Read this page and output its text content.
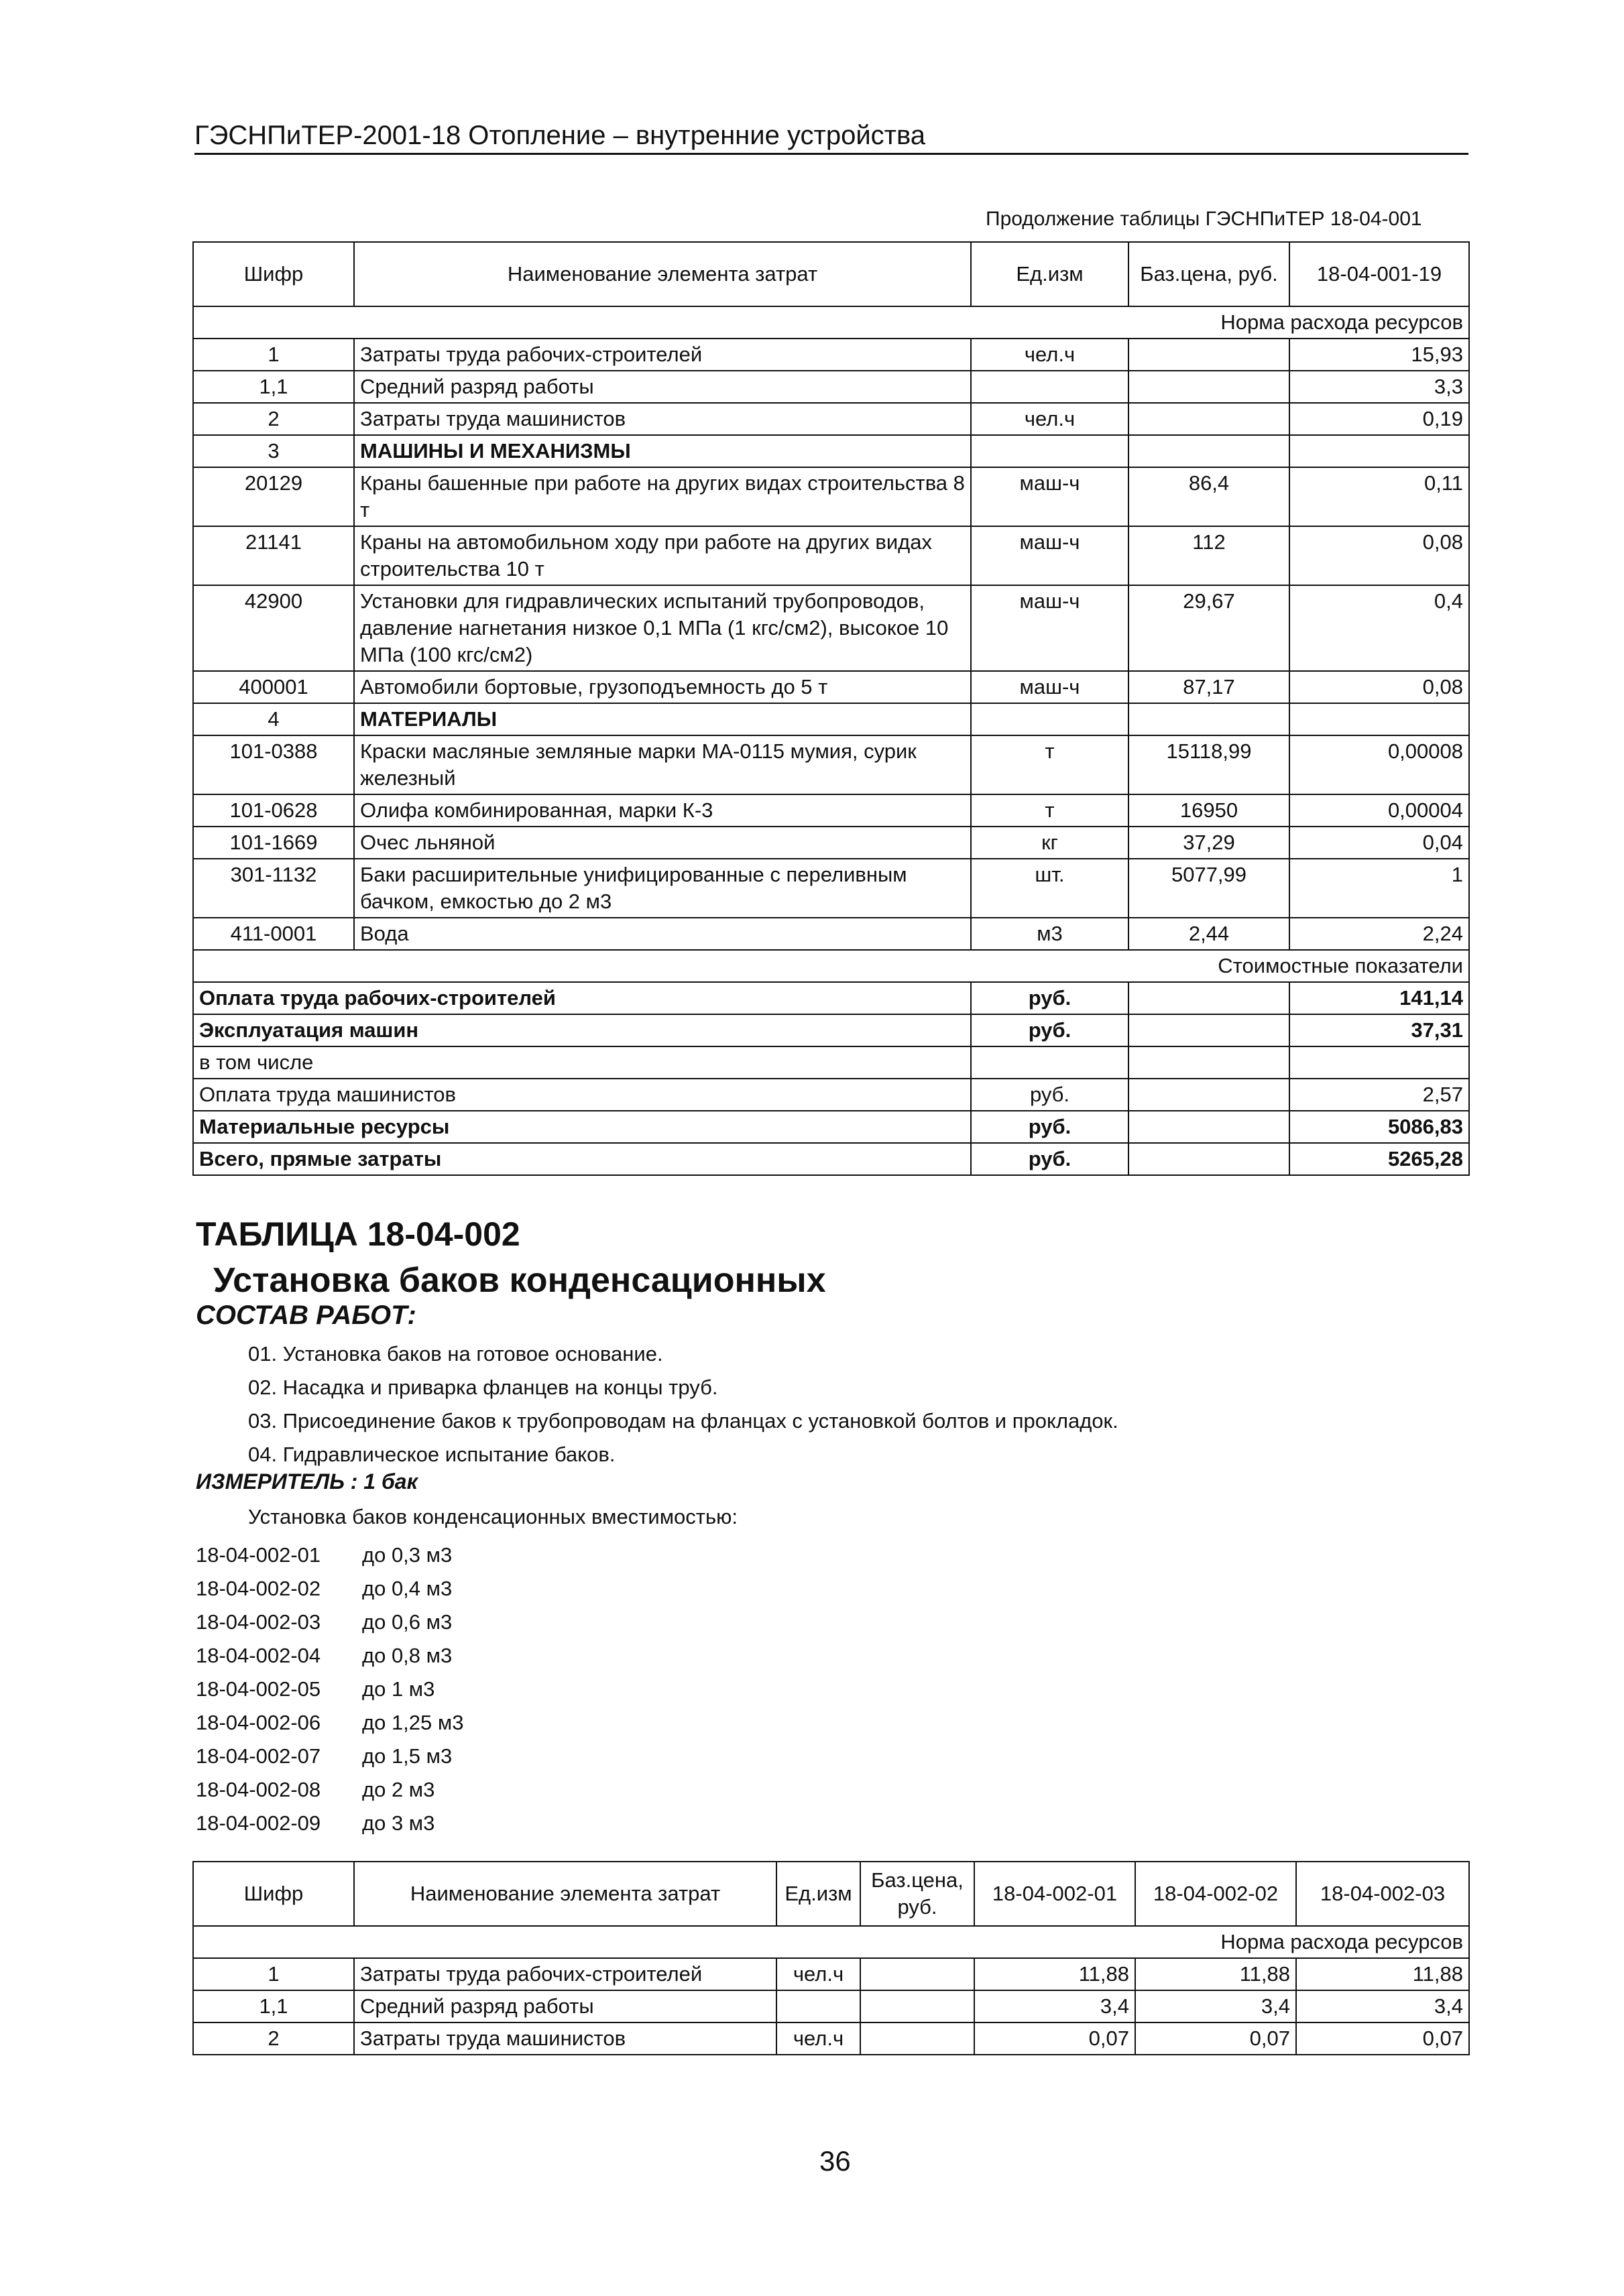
ГЭСНПиТЕР-2001-18 Отопление – внутренние устройства
Продолжение таблицы ГЭСНПиТЕР 18-04-001
Шифр	Наименование элемента затрат	Ед.изм	Баз.цена, руб.	18-04-001-19
Норма расхода ресурсов				
1	Затраты труда рабочих-строителей	чел.ч		15,93
1,1	Средний разряд работы			3,3
2	Затраты труда машинистов	чел.ч		0,19
3	МАШИНЫ И МЕХАНИЗМЫ			
20129	Краны башенные при работе на других видах строительства 8 т	маш-ч	86,4	0,11
21141	Краны на автомобильном ходу при работе на других видах строительства 10 т	маш-ч	112	0,08
42900	Установки для гидравлических испытаний трубопроводов, давление нагнетания низкое 0,1 МПа (1 кгс/см2), высокое 10 МПа (100 кгс/см2)	маш-ч	29,67	0,4
400001	Автомобили бортовые, грузоподъемность до 5 т	маш-ч	87,17	0,08
4	МАТЕРИАЛЫ			
101-0388	Краски масляные земляные марки МА-0115 мумия, сурик железный	т	15118,99	0,00008
101-0628	Олифа комбинированная, марки К-3	т	16950	0,00004
101-1669	Очес льняной	кг	37,29	0,04
301-1132	Баки расширительные унифицированные с переливным бачком, емкостью до 2 м3	шт.	5077,99	1
411-0001	Вода	м3	2,44	2,24
Стоимостные показатели				
Оплата труда рабочих-строителей		руб.		141,14
Эксплуатация машин		руб.		37,31
в том числе				
Оплата труда машинистов		руб.		2,57
Материальные ресурсы		руб.		5086,83
Всего, прямые затраты		руб.		5265,28
ТАБЛИЦА 18-04-002
Установка баков конденсационных
СОСТАВ РАБОТ:
01. Установка баков на готовое основание.
02. Насадка и приварка фланцев на концы труб.
03. Присоединение баков к трубопроводам на фланцах с установкой болтов и прокладок.
04. Гидравлическое испытание баков.
ИЗМЕРИТЕЛЬ : 1 бак
Установка баков конденсационных вместимостью:
18-04-002-01 до 0,3 м3
18-04-002-02 до 0,4 м3
18-04-002-03 до 0,6 м3
18-04-002-04 до 0,8 м3
18-04-002-05 до 1 м3
18-04-002-06 до 1,25 м3
18-04-002-07 до 1,5 м3
18-04-002-08 до 2 м3
18-04-002-09 до 3 м3
Шифр	Наименование элемента затрат	Ед.изм	Баз.цена, руб.	18-04-002-01	18-04-002-02	18-04-002-03
Норма расхода ресурсов						
1	Затраты труда рабочих-строителей	чел.ч		11,88	11,88	11,88
1,1	Средний разряд работы			3,4	3,4	3,4
2	Затраты труда машинистов	чел.ч		0,07	0,07	0,07
36
